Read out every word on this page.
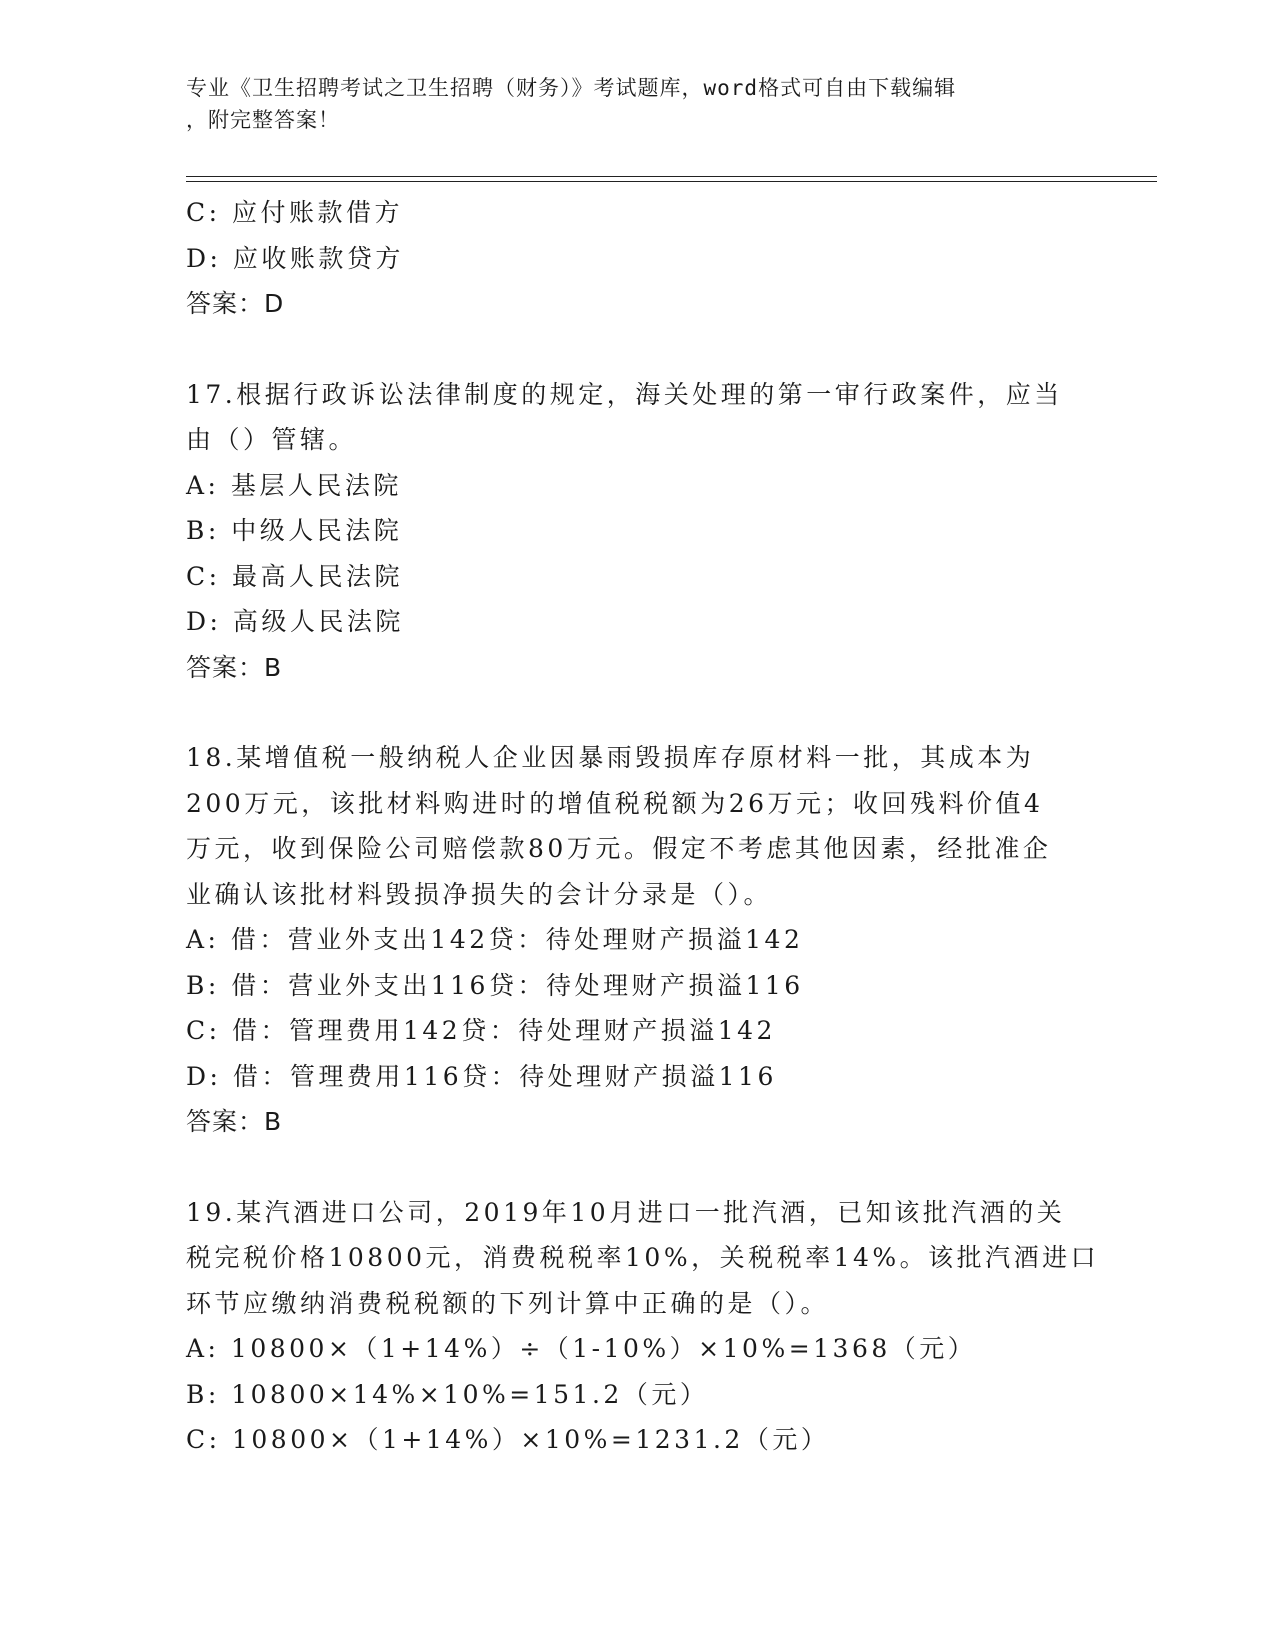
专业《卫生招聘考试之卫生招聘（财务）》考试题库，word格式可自由下载编辑
，附完整答案！
C: 应付账款借方
D: 应收账款贷方
答案：D
17.根据行政诉讼法律制度的规定，海关处理的第一审行政案件，应当
由（）管辖。
A: 基层人民法院
B: 中级人民法院
C: 最高人民法院
D: 高级人民法院
答案：B
18.某增值税一般纳税人企业因暴雨毁损库存原材料一批，其成本为
200万元，该批材料购进时的增值税税额为26万元；收回残料价值4
万元，收到保险公司赔偿款80万元。假定不考虑其他因素，经批准企
业确认该批材料毁损净损失的会计分录是（）。
A: 借：营业外支出142贷：待处理财产损溢142
B: 借：营业外支出116贷：待处理财产损溢116
C: 借：管理费用142贷：待处理财产损溢142
D: 借：管理费用116贷：待处理财产损溢116
答案：B
19.某汽酒进口公司，2019年10月进口一批汽酒，已知该批汽酒的关
税完税价格10800元，消费税税率10%，关税税率14%。该批汽酒进口
环节应缴纳消费税税额的下列计算中正确的是（）。
A: 10800×（1+14%）÷（1-10%）×10%=1368（元）
B: 10800×14%×10%=151.2（元）
C: 10800×（1+14%）×10%=1231.2（元）
